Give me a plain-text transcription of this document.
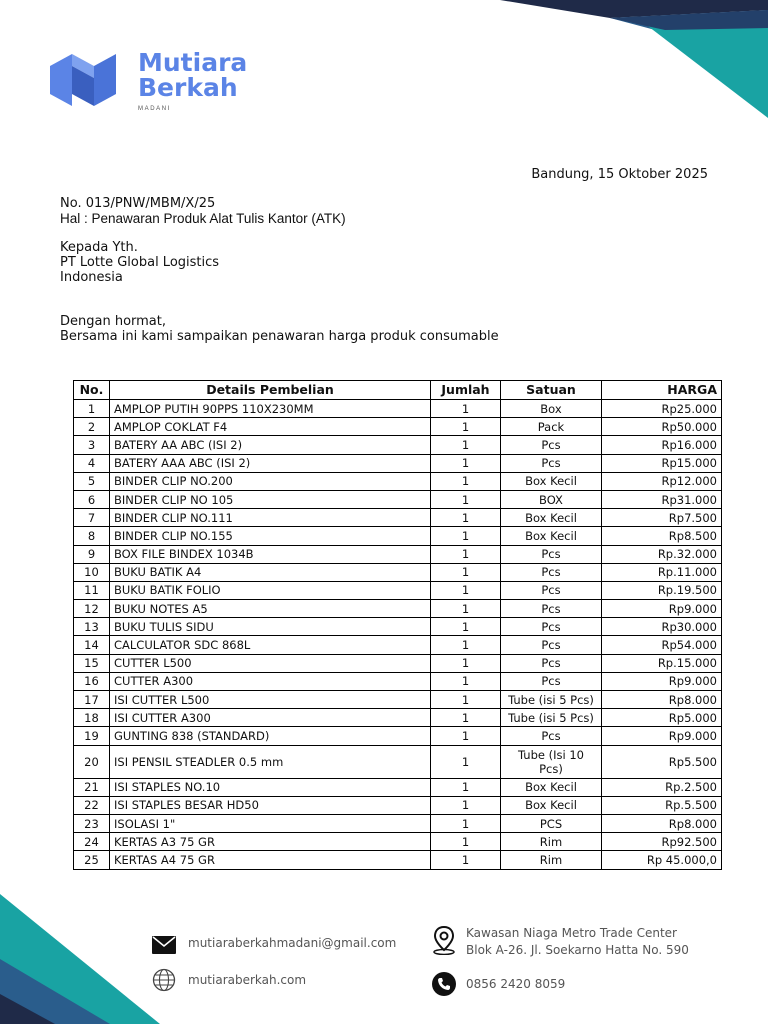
Mutiara
Berkah
MADANI
Bandung, 15 Oktober 2025
No. 013/PNW/MBM/X/25
Hal : Penawaran Produk Alat Tulis Kantor (ATK)
Kepada Yth.
PT Lotte Global Logistics
Indonesia
Dengan hormat,
Bersama ini kami sampaikan penawaran harga produk consumable
No.	Details Pembelian	Jumlah	Satuan	HARGA
1	AMPLOP PUTIH 90PPS 110X230MM	1	Box	Rp25.000
2	AMPLOP COKLAT F4	1	Pack	Rp50.000
3	BATERY AA ABC (ISI 2)	1	Pcs	Rp16.000
4	BATERY AAA ABC (ISI 2)	1	Pcs	Rp15.000
5	BINDER CLIP NO.200	1	Box Kecil	Rp12.000
6	BINDER CLIP NO 105	1	BOX	Rp31.000
7	BINDER CLIP NO.111	1	Box Kecil	Rp7.500
8	BINDER CLIP NO.155	1	Box Kecil	Rp8.500
9	BOX FILE BINDEX 1034B	1	Pcs	Rp.32.000
10	BUKU BATIK A4	1	Pcs	Rp.11.000
11	BUKU BATIK FOLIO	1	Pcs	Rp.19.500
12	BUKU NOTES A5	1	Pcs	Rp9.000
13	BUKU TULIS SIDU	1	Pcs	Rp30.000
14	CALCULATOR SDC 868L	1	Pcs	Rp54.000
15	CUTTER L500	1	Pcs	Rp.15.000
16	CUTTER A300	1	Pcs	Rp9.000
17	ISI CUTTER L500	1	Tube (isi 5 Pcs)	Rp8.000
18	ISI CUTTER A300	1	Tube (isi 5 Pcs)	Rp5.000
19	GUNTING 838 (STANDARD)	1	Pcs	Rp9.000
20	ISI PENSIL STEADLER 0.5 mm	1	Tube (Isi 10 Pcs)	Rp5.500
21	ISI STAPLES NO.10	1	Box Kecil	Rp.2.500
22	ISI STAPLES BESAR HD50	1	Box Kecil	Rp.5.500
23	ISOLASI 1"	1	PCS	Rp8.000
24	KERTAS A3 75 GR	1	Rim	Rp92.500
25	KERTAS A4 75 GR	1	Rim	Rp 45.000,0
mutiaraberkahmadani@gmail.com
mutiaraberkah.com
Kawasan Niaga Metro Trade Center
Blok A-26. Jl. Soekarno Hatta No. 590
0856 2420 8059
